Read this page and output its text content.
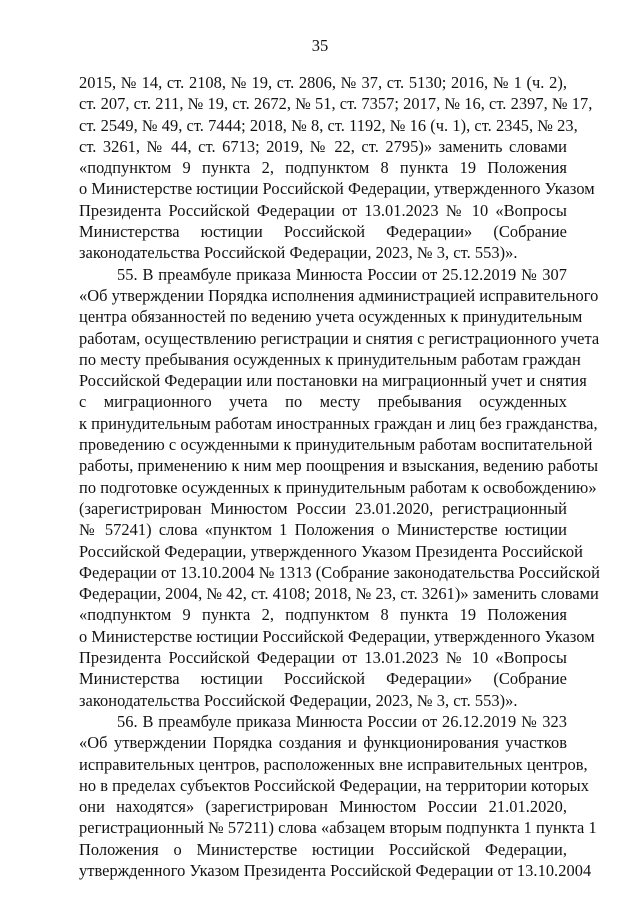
35
2015, № 14, ст. 2108, № 19, ст. 2806, № 37, ст. 5130; 2016, № 1 (ч. 2),
ст. 207, ст. 211, № 19, ст. 2672, № 51, ст. 7357; 2017, № 16, ст. 2397, № 17,
ст. 2549, № 49, ст. 7444; 2018, № 8, ст. 1192, № 16 (ч. 1), ст. 2345, № 23,
ст. 3261, № 44, ст. 6713; 2019, № 22, ст. 2795)» заменить словами
«подпунктом 9 пункта 2, подпунктом 8 пункта 19 Положения
о Министерстве юстиции Российской Федерации, утвержденного Указом
Президента Российской Федерации от 13.01.2023 № 10 «Вопросы
Министерства юстиции Российской Федерации» (Собрание
законодательства Российской Федерации, 2023, № 3, ст. 553)».
55. В преамбуле приказа Минюста России от 25.12.2019 № 307
«Об утверждении Порядка исполнения администрацией исправительного
центра обязанностей по ведению учета осужденных к принудительным
работам, осуществлению регистрации и снятия с регистрационного учета
по месту пребывания осужденных к принудительным работам граждан
Российской Федерации или постановки на миграционный учет и снятия
с миграционного учета по месту пребывания осужденных
к принудительным работам иностранных граждан и лиц без гражданства,
проведению с осужденными к принудительным работам воспитательной
работы, применению к ним мер поощрения и взыскания, ведению работы
по подготовке осужденных к принудительным работам к освобождению»
(зарегистрирован Минюстом России 23.01.2020, регистрационный
№ 57241) слова «пунктом 1 Положения о Министерстве юстиции
Российской Федерации, утвержденного Указом Президента Российской
Федерации от 13.10.2004 № 1313 (Собрание законодательства Российской
Федерации, 2004, № 42, ст. 4108; 2018, № 23, ст. 3261)» заменить словами
«подпунктом 9 пункта 2, подпунктом 8 пункта 19 Положения
о Министерстве юстиции Российской Федерации, утвержденного Указом
Президента Российской Федерации от 13.01.2023 № 10 «Вопросы
Министерства юстиции Российской Федерации» (Собрание
законодательства Российской Федерации, 2023, № 3, ст. 553)».
56. В преамбуле приказа Минюста России от 26.12.2019 № 323
«Об утверждении Порядка создания и функционирования участков
исправительных центров, расположенных вне исправительных центров,
но в пределах субъектов Российской Федерации, на территории которых
они находятся» (зарегистрирован Минюстом России 21.01.2020,
регистрационный № 57211) слова «абзацем вторым подпункта 1 пункта 1
Положения о Министерстве юстиции Российской Федерации,
утвержденного Указом Президента Российской Федерации от 13.10.2004
